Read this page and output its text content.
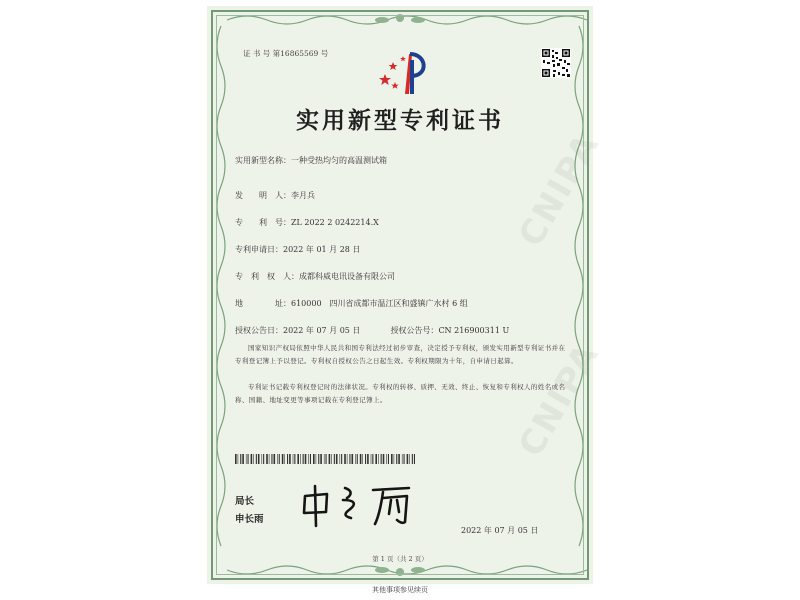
CNIPA
CNIPA
证 书 号 第16865569 号
实用新型专利证书
实用新型名称：一种受热均匀的高温测试箱
发　　明　人：李月兵
专　　利　号：ZL 2022 2 0242214.X
专利申请日：2022 年 01 月 28 日
专　利　权　人：成都科威电讯设备有限公司
地　　　　址：610000　四川省成都市温江区和盛镇广水村 6 组
授权公告日：2022 年 07 月 05 日	授权公告号：CN 216900311 U
国家知识产权局依照中华人民共和国专利法经过初步审查，决定授予专利权，颁发实用新型专利证书并在专利登记簿上予以登记。专利权自授权公告之日起生效。专利权期限为十年，自申请日起算。
专利证书记载专利权登记时的法律状况。专利权的转移、质押、无效、终止、恢复和专利权人的姓名或名称、国籍、地址变更等事项记载在专利登记簿上。
局长
申长雨
2022 年 07 月 05 日
第 1 页（共 2 页）
其他事项参见续页
